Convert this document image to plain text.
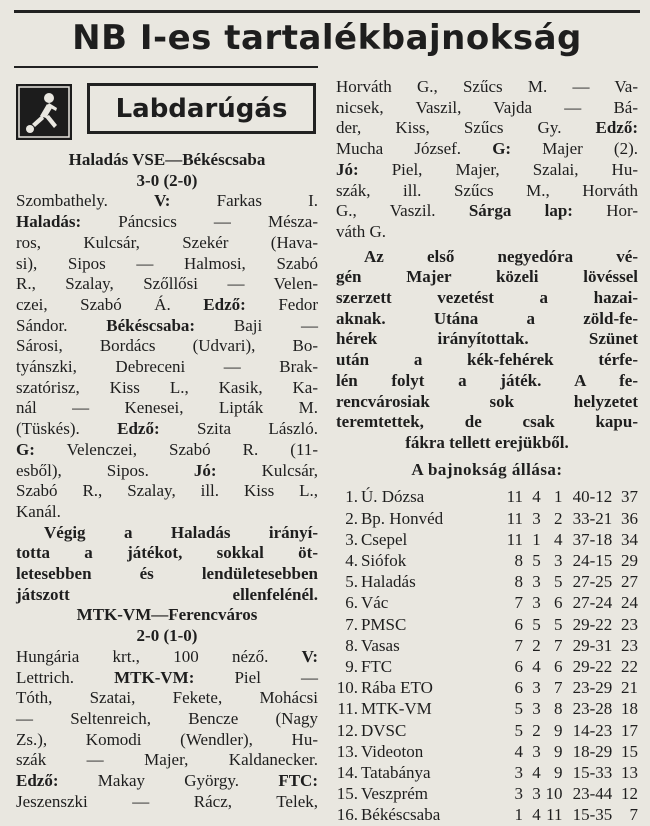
NB I-es tartalékbajnokság
Labdarúgás

Haladás VSE—Békéscsaba

3-0 (2-0)

Szombathely. V: Farkas I.

Haladás: Páncsics — Mésza-

ros, Kulcsár, Szekér (Hava-

si), Sipos — Halmosi, Szabó

R., Szalay, Szőllősi — Velen-

czei, Szabó Á. Edző: Fedor

Sándor. Békéscsaba: Baji —

Sárosi, Bordács (Udvari), Bo-

tyánszki, Debreceni — Brak-

szatórisz, Kiss L., Kasik, Ka-

nál — Kenesei, Lipták M.

(Tüskés). Edző: Szita László.

G: Velenczei, Szabó R. (11-

esből), Sipos. Jó: Kulcsár,

Szabó R., Szalay, ill. Kiss L.,

Kanál.

Végig a Haladás irányí-

totta a játékot, sokkal öt-

letesebben és lendületesebben

játszott ellenfelénél.

MTK-VM—Ferencváros

2-0 (1-0)

Hungária krt., 100 néző. V:

Lettrich. MTK-VM: Piel —

Tóth, Szatai, Fekete, Mohácsi

— Seltenreich, Bencze (Nagy

Zs.), Komodi (Wendler), Hu-

szák — Majer, Kaldanecker.

Edző: Makay György. FTC:

Jeszenszki — Rácz, Telek,

Horváth G., Szűcs M. — Va-

nicsek, Vaszil, Vajda — Bá-

der, Kiss, Szűcs Gy. Edző:

Mucha József. G: Majer (2).

Jó: Piel, Majer, Szalai, Hu-

szák, ill. Szűcs M., Horváth

G., Vaszil. Sárga lap: Hor-

váth G.

Az első negyedóra vé-

gén Majer közeli lövéssel

szerzett vezetést a hazai-

aknak. Utána a zöld-fe-

hérek irányítottak. Szünet

után a kék-fehérek térfe-

lén folyt a játék. A fe-

rencvárosiak sok helyzetet

teremtettek, de csak kapu-

fákra tellett erejükből.

A bajnokság állása:

1.	Ú. Dózsa	11	4	1	40-12	37
2.	Bp. Honvéd	11	3	2	33-21	36
3.	Csepel	11	1	4	37-18	34
4.	Siófok	8	5	3	24-15	29
5.	Haladás	8	3	5	27-25	27
6.	Vác	7	3	6	27-24	24
7.	PMSC	6	5	5	29-22	23
8.	Vasas	7	2	7	29-31	23
9.	FTC	6	4	6	29-22	22
10.	Rába ETO	6	3	7	23-29	21
11.	MTK-VM	5	3	8	23-28	18
12.	DVSC	5	2	9	14-23	17
13.	Videoton	4	3	9	18-29	15
14.	Tatabánya	3	4	9	15-33	13
15.	Veszprém	3	3	10	23-44	12
16.	Békéscsaba	1	4	11	15-35	7
